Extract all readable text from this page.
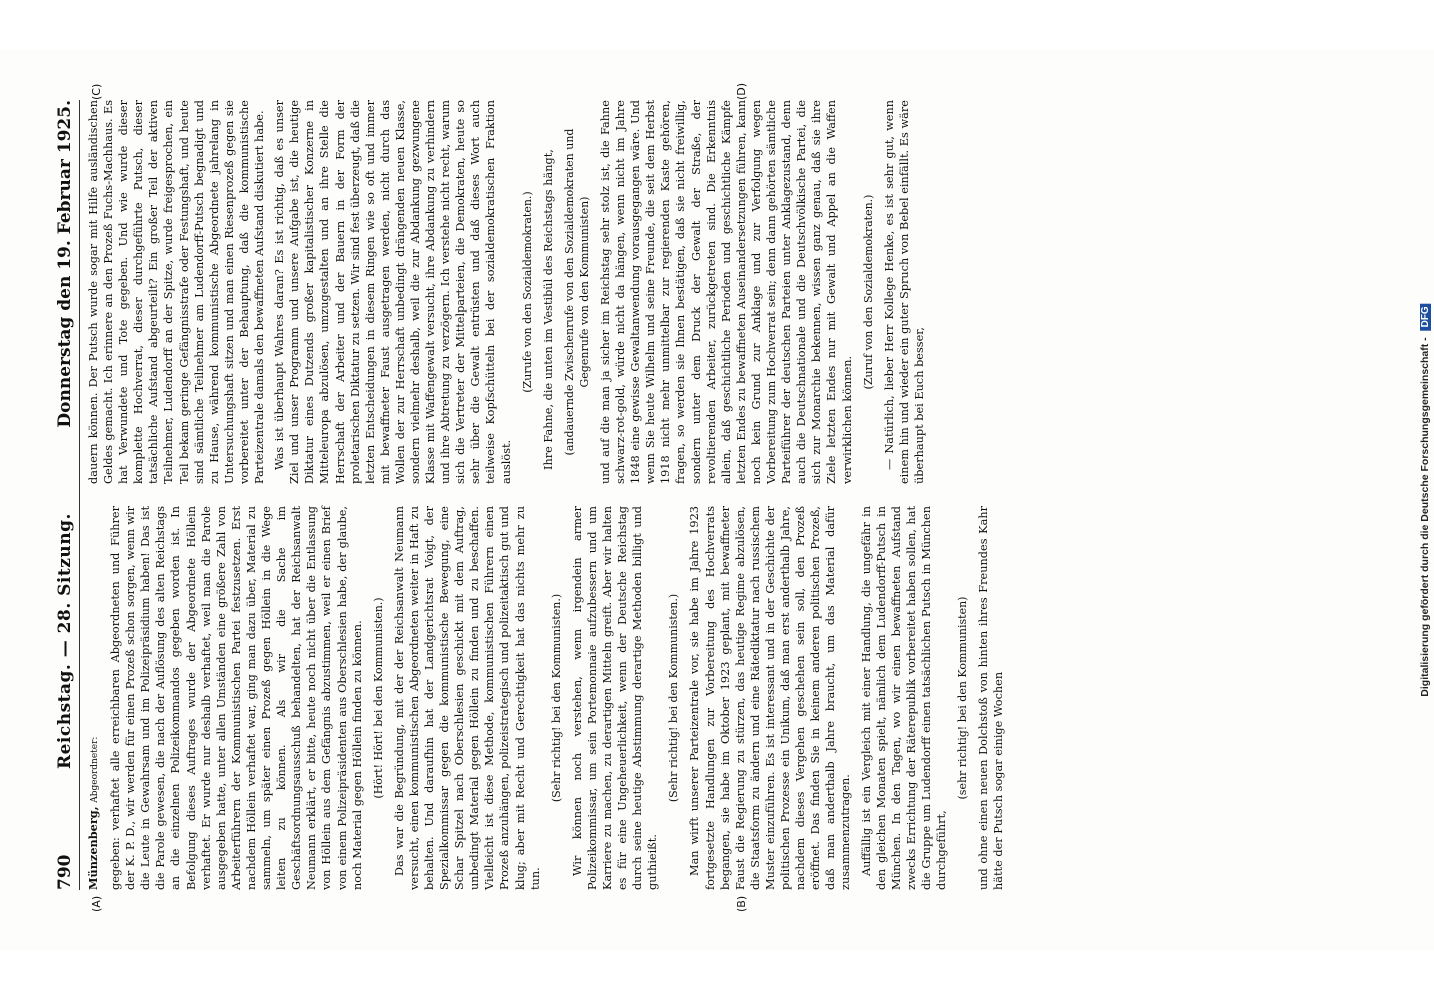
790
Reichstag. — 28. Sitzung.
Donnerstag den 19. Februar 1925.

Münzenberg, Abgeordneter: gegeben: verhaftet alle erreichbaren Abgeordneten und Führer der K. P. D., wir werden für einen Prozeß schon sorgen, wenn wir die Leute in Gewahrsam und im Polizeipräsidium haben! Das ist die Parole gewesen, die nach der Auflösung des alten Reichstags an die einzelnen Polizeikommandos gegeben worden ist. In Befolgung dieses Auftrages wurde der Abgeordnete Höllein verhaftet. Er wurde nur deshalb verhaftet, weil man die Parole ausgegeben hatte, unter allen Umständen eine größere Zahl von Arbeiterführern der Kommunistischen Partei festzusetzen. Erst nachdem Höllein verhaftet war, ging man dazu über, Material zu sammeln, um später einen Prozeß gegen Höllein in die Wege leiten zu können. Als wir die Sache im Geschäftsordnungsausschuß behandelten, hat der Reichsanwalt Neumann erklärt, er bitte, heute noch nicht über die Entlassung von Höllein aus dem Gefängnis abzustimmen, weil er einen Brief von einem Polizeipräsidenten aus Oberschlesien habe, der glaube, noch Material gegen Höllein finden zu können. (Hört! Hört! bei den Kommunisten.) Das war die Begründung, mit der der Reichsanwalt Neumann versucht, einen kommunistischen Abgeordneten weiter in Haft zu behalten. Und daraufhin hat der Landgerichtsrat Voigt, der Spezialkommissar gegen die kommunistische Bewegung, eine Schar Spitzel nach Oberschlesien geschickt mit dem Auftrag, unbedingt Material gegen Höllein zu finden und zu beschaffen. Vielleicht ist diese Methode, kommunistischen Führern einen Prozeß anzuhängen, polizeistrategisch und polizeitaktisch gut und klug; aber mit Recht und Gerechtigkeit hat das nichts mehr zu tun.

(Sehr richtig! bei den Kommunisten.) Wir können noch verstehen, wenn irgendein armer Polizeikommissar, um sein Portemonnaie aufzubessern und um Karriere zu machen, zu derartigen Mitteln greift. Aber wir halten es für eine Ungeheuerlichkeit, wenn der Deutsche Reichstag durch seine heutige Abstimmung derartige Methoden billigt und guthieißt.

(Sehr richtig! bei den Kommunisten.) Man wirft unserer Parteizentrale vor, sie habe im Jahre 1923 fortgesetzte Handlungen zur Vorbereitung des Hochverrats begangen, sie habe im Oktober 1923 geplant, mit bewaffneter Faust die Regierung zu stürzen, das heutige Regime abzulösen, die Staatsform zu ändern und eine Rätediktatur nach russischem Muster einzuführen. Es ist interessant und in der Geschichte der politischen Prozesse ein Unikum, daß man erst anderthalb Jahre, nachdem dieses Vergehen geschehen sein soll, den Prozeß eröffnet. Das finden Sie in keinem anderen politischen Prozeß, daß man anderthalb Jahre braucht, um das Material dafür zusammenzutragen. Auffällig ist ein Vergleich mit einer Handlung, die ungefähr in den gleichen Monaten spielt, nämlich dem Ludendorff-Putsch in München. In den Tagen, wo wir einen bewaffneten Aufstand zwecks Errichtung der Räterepublik vorbereitet haben sollen, hat die Gruppe um Ludendorff einen tatsächlichen Putsch in München durchgeführt,

(sehr richtig! bei den Kommunisten) und ohne einen neuen Dolchstoß von hinten ihres Freundes Kahr hätte der Putsch sogar einige Wochen

dauern können. Der Putsch wurde sogar mit Hilfe ausländischen Geldes gemacht. Ich erinnere an den Prozeß Fuchs-Machhaus. Es hat Verwundete und Tote gegeben. Und wie wurde dieser komplette Hochverrat, dieser durchgeführte Putsch, dieser tatsächliche Aufstand abgeurteilt? Ein großer Teil der aktiven Teilnehmer, Ludendorff an der Spitze, wurde freigesprochen, ein Teil bekam geringe Gefängnisstrafe oder Festungshaft, und heute sind sämtliche Teilnehmer am Ludendorff-Putsch begnadigt und zu Hause, während kommunistische Abgeordnete jahrelang in Untersuchungshaft sitzen und man einen Riesenprozeß gegen sie vorbereitet unter der Behauptung, daß die kommunistische Parteizentrale damals den bewaffneten Aufstand diskutiert habe. Was ist überhaupt Wahres daran? Es ist richtig, daß es unser Ziel und unser Programm und unsere Aufgabe ist, die heutige Diktatur eines Dutzends großer kapitalistischer Konzerne in Mitteleuropa abzulösen, umzugestalten und an ihre Stelle die Herrschaft der Arbeiter und der Bauern in der Form der proletarischen Diktatur zu setzen. Wir sind fest überzeugt, daß die letzten Entscheidungen in diesem Ringen wie so oft und immer mit bewaffneter Faust ausgetragen werden, nicht durch das Wollen der zur Herrschaft unbedingt drängenden neuen Klasse, sondern vielmehr deshalb, weil die zur Abdankung gezwungene Klasse mit Waffengewalt versucht, ihre Abdankung zu verhindern und ihre Abtretung zu verzögern. Ich verstehe nicht recht, warum sich die Vertreter der Mittelparteien, die Demokraten, heute so sehr über die Gewalt entrüsten und daß dieses Wort auch teilweise Kopfschütteln bei der sozialdemokratischen Fraktion auslöst.

(Zurufe von den Sozialdemokraten.) Ihre Fahne, die unten im Vestibül des Reichstags hängt, (andauernde Zwischenrufe von den Sozialdemokraten und Gegenrufe von den Kommunisten) und auf die man ja sicher im Reichstag sehr stolz ist, die Fahne schwarz-rot-gold, würde nicht da hängen, wenn nicht im Jahre 1848 eine gewisse Gewaltanwendung vorausgegangen wäre. Und wenn Sie heute Wilhelm und seine Freunde, die seit dem Herbst 1918 nicht mehr unmittelbar zur regierenden Kaste gehören, fragen, so werden sie Ihnen bestätigen, daß sie nicht freiwillig, sondern unter dem Druck der Gewalt der Straße, der revoltierenden Arbeiter, zurückgetreten sind. Die Erkenntnis allein, daß geschichtliche Perioden und geschichtliche Kämpfe letzten Endes zu bewaffneten Auseinandersetzungen führen, kann noch kein Grund zur Anklage und zur Verfolgung wegen Vorbereitung zum Hochverrat sein; denn dann gehörten sämtliche Parteiführer der deutschen Parteien unter Anklagezustand, denn auch die Deutschnationale und die Deutschvölkische Partei, die sich zur Monarchie bekennen, wissen ganz genau, daß sie ihre Ziele letzten Endes nur mit Gewalt und Appel an die Waffen verwirklichen können.

(Zuruf von den Sozialdemokraten.) — Natürlich, lieber Herr Kollege Henke, es ist sehr gut, wenn einem hin und wieder ein guter Spruch von Bebel einfällt. Es wäre überhaupt bei Euch besser,

(A)	(B)
(C)	(D)
Digitalisierung gefördert durch die Deutsche Forschungsgemeinschaft - DFG
